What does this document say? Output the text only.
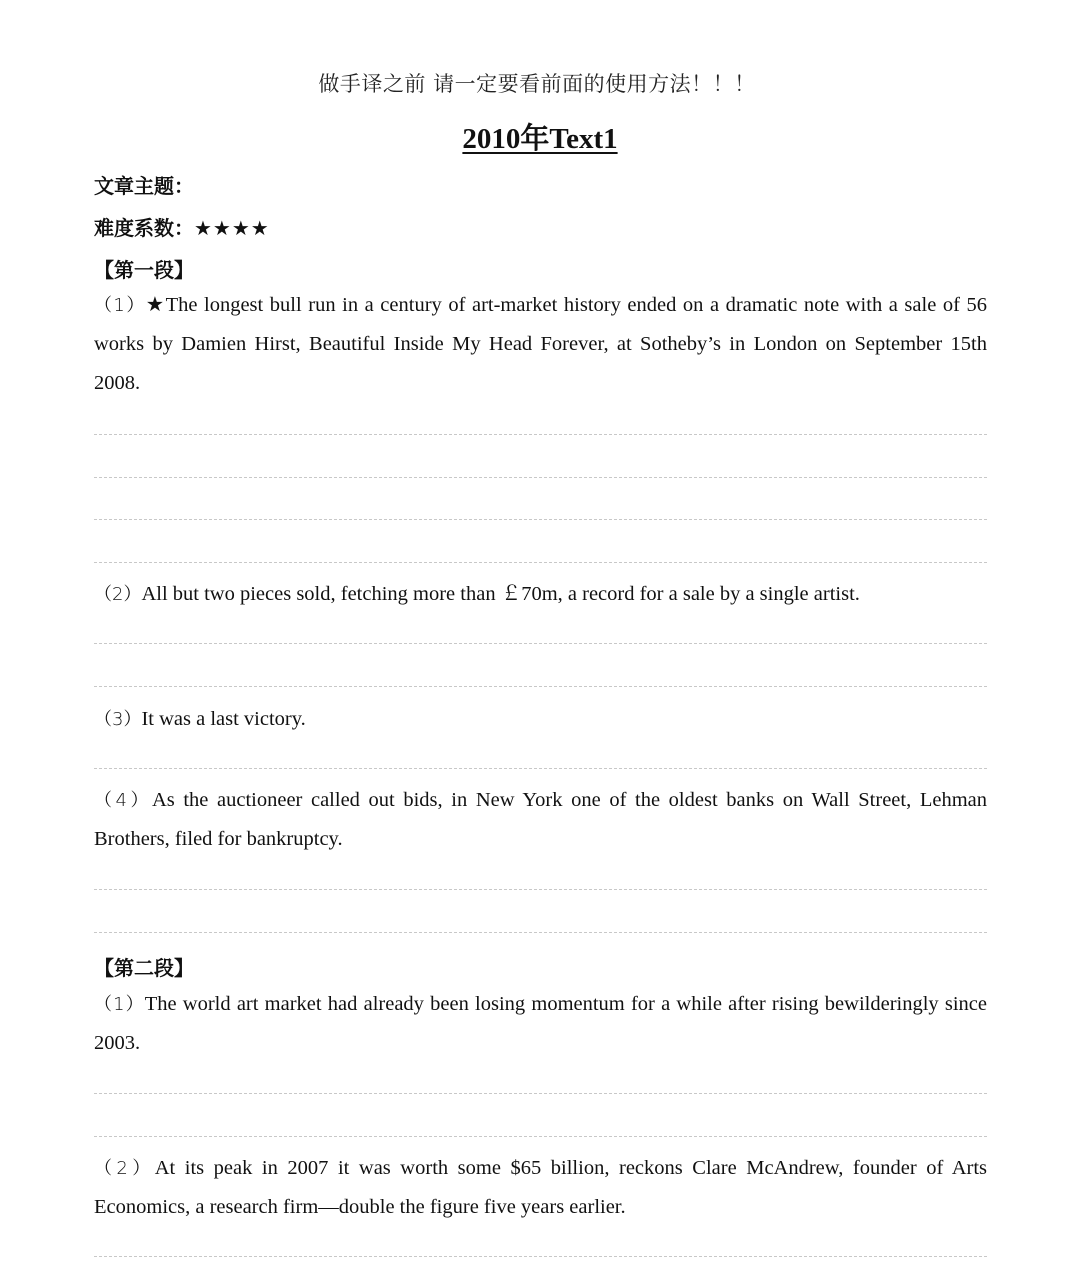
做手译之前 请一定要看前面的使用方法！！！
2010年Text1
文章主题：
难度系数：★★★★
【第一段】
（1）★The longest bull run in a century of art-market history ended on a dramatic note with a sale of 56 works by Damien Hirst, Beautiful Inside My Head Forever, at Sotheby’s in London on September 15th 2008.
（2）All but two pieces sold, fetching more than ￡70m, a record for a sale by a single artist.
（3）It was a last victory.
（4）As the auctioneer called out bids, in New York one of the oldest banks on Wall Street, Lehman Brothers, filed for bankruptcy.
【第二段】
（1）The world art market had already been losing momentum for a while after rising bewilderingly since 2003.
（2）At its peak in 2007 it was worth some $65 billion, reckons Clare McAndrew, founder of Arts Economics, a research firm—double the figure five years earlier.
